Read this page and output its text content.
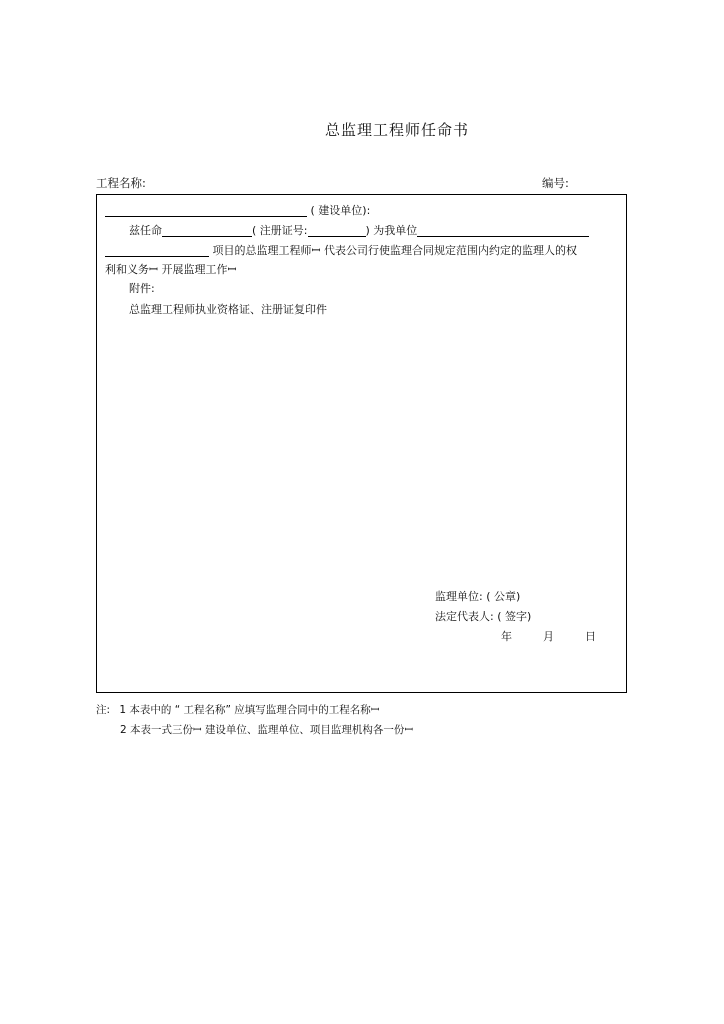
总监理工程师任命书
工程名称:	编号:
( 建设单位):
兹任命	( 注册证号:	) 为我单位
项目的总监理工程师ꟷ 代表公司行使监理合同规定范围内约定的监理人的权
利和义务ꟷ 开展监理工作ꟷ
附件:
总监理工程师执业资格证、注册证复印件
监理单位: ( 公章)
法定代表人: ( 签字)
年	月	日
注: 1 本表中的 “ 工程名称” 应填写监理合同中的工程名称ꟷ
2 本表一式三份ꟷ 建设单位、监理单位、项目监理机构各一份ꟷ
